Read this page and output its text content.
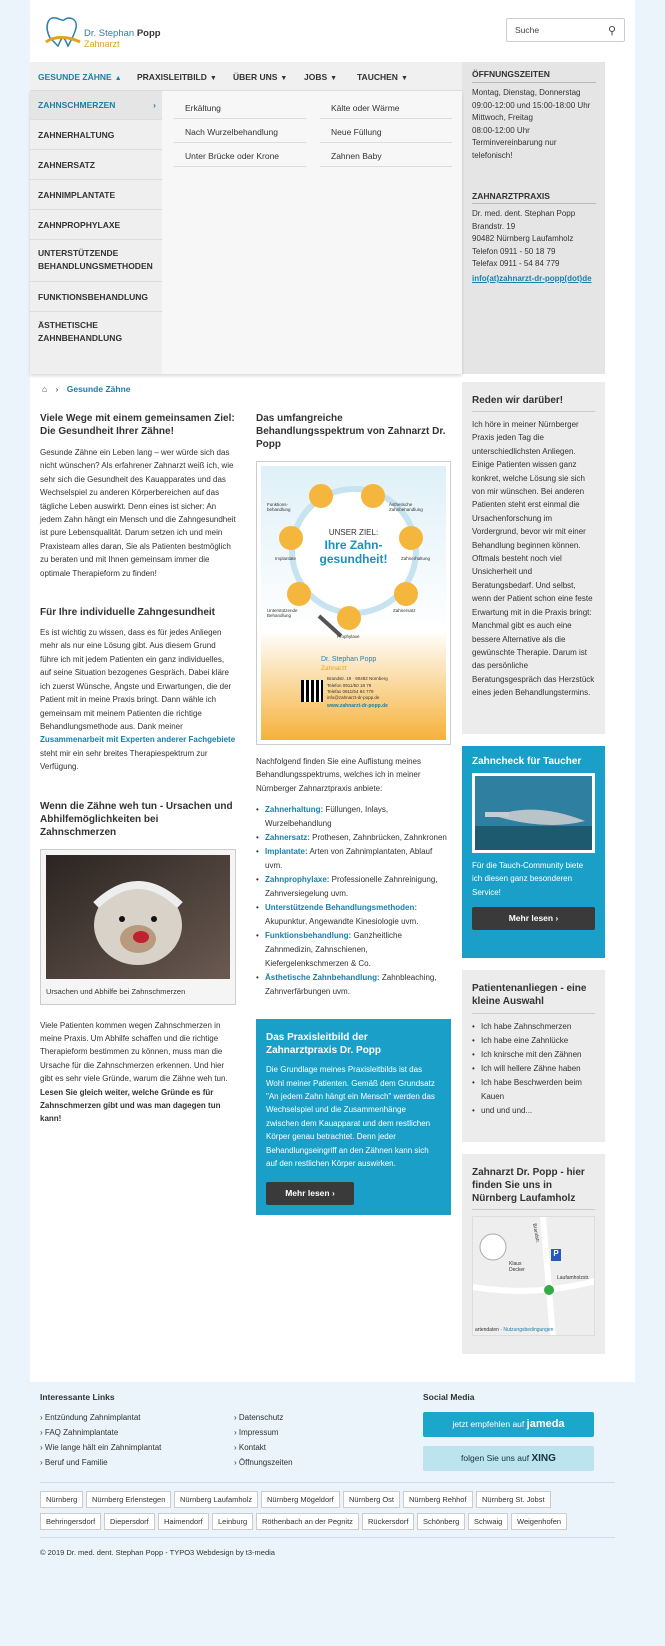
Dr. Stephan Popp
Zahnarzt
Suche	⚲
GESUNDE ZÄHNE ▲ PRAXISLEITBILD ▼ ÜBER UNS ▼ JOBS ▼ TAUCHEN ▼	ÖFFNUNGSZEITEN
Montag, Dienstag, Donnerstag
09:00-12:00 und 15:00-18:00 Uhr
Mittwoch, Freitag
08:00-12:00 Uhr
Terminvereinbarung nur
telefonisch!
ZAHNARZTPRAXIS
Dr. med. dent. Stephan Popp
Brandstr. 19
90482 Nürnberg Laufamholz
Telefon 0911 - 50 18 79
Telefax 0911 - 54 84 779
info(at)zahnarzt-dr-popp(dot)de
ZAHNSCHMERZEN	›
ZAHNERHALTUNG
ZAHNERSATZ
ZAHNIMPLANTATE
ZAHNPROPHYLAXE
UNTERSTÜTZENDE BEHANDLUNGSMETHODEN
FUNKTIONSBEHANDLUNG
ÄSTHETISCHE ZAHNBEHANDLUNG
Erkältung
Nach Wurzelbehandlung
Unter Brücke oder Krone
Kälte oder Wärme
Neue Füllung
Zahnen Baby
⌂ › Gesunde Zähne
Viele Wege mit einem gemeinsamen Ziel: Die Gesundheit Ihrer Zähne!
Gesunde Zähne ein Leben lang – wer würde sich das nicht wünschen? Als erfahrener Zahnarzt weiß ich, wie sehr sich die Gesundheit des Kauapparates und das Wechselspiel zu anderen Körperbereichen auf das tägliche Leben auswirkt. Denn eines ist sicher: An jedem Zahn hängt ein Mensch und die Zahngesundheit ist pure Lebensqualität. Darum setzen ich und mein Praxisteam alles daran, Sie als Patienten bestmöglich zu beraten und mit Ihnen gemeinsam immer die optimale Therapieform zu finden!
Für Ihre individuelle Zahngesundheit
Es ist wichtig zu wissen, dass es für jedes Anliegen mehr als nur eine Lösung gibt. Aus diesem Grund führe ich mit jedem Patienten ein ganz individuelles, auf seine Situation bezogenes Gespräch. Dabei kläre ich zuerst Wünsche, Ängste und Erwartungen, die der Patient mit in meine Praxis bringt. Dann wähle ich gemeinsam mit meinem Patienten die richtige Behandlungsmethode aus. Dank meiner Zusammenarbeit mit Experten anderer Fachgebiete steht mir ein sehr breites Therapiespektrum zur Verfügung.
Wenn die Zähne weh tun - Ursachen und Abhilfemöglichkeiten bei Zahnschmerzen
Ursachen und Abhilfe bei Zahnschmerzen
Viele Patienten kommen wegen Zahnschmerzen in meine Praxis. Um Abhilfe schaffen und die richtige Therapieform bestimmen zu können, muss man die Ursache für die Zahnschmerzen erkennen. Und hier gibt es sehr viele Gründe, warum die Zähne weh tun.
Lesen Sie gleich weiter, welche Gründe es für Zahnschmerzen gibt und was man dagegen tun kann!
Das umfangreiche Behandlungsspektrum von Zahnarzt Dr. Popp
Funktions-behandlung
Ästhetische Zahnbehandlung
Implantate	Zahnerhaltung
Unterstützende Behandlung
Zahnersatz
Prophylaxe
UNSER ZIEL:
Ihre Zahn-
gesundheit!
Dr. Stephan Popp
Zahnarzt
Brandstr. 19 · 90482 Nürnberg
Telefon 0911/50 18 79
Telefax 0911/54 84 779
info@zahnarzt-dr-popp.de
www.zahnarzt-dr-popp.de
Nachfolgend finden Sie eine Auflistung meines Behandlungsspektrums, welches ich in meiner Nürnberger Zahnarztpraxis anbiete:
• Zahnerhaltung: Füllungen, Inlays, Wurzelbehandlung
• Zahnersatz: Prothesen, Zahnbrücken, Zahnkronen
• Implantate: Arten von Zahnimplantaten, Ablauf uvm.
• Zahnprophylaxe: Professionelle Zahnreinigung, Zahnversiegelung uvm.
• Unterstützende Behandlungsmethoden: Akupunktur, Angewandte Kinesiologie uvm.
• Funktionsbehandlung: Ganzheitliche Zahnmedizin, Zahnschienen, Kiefergelenkschmerzen & Co.
• Ästhetische Zahnbehandlung: Zahnbleaching, Zahnverfärbungen uvm.
Das Praxisleitbild der Zahnarztpraxis Dr. Popp
Die Grundlage meines Praxisleitbilds ist das Wohl meiner Patienten. Gemäß dem Grundsatz "An jedem Zahn hängt ein Mensch" werden das Wechselspiel und die Zusammenhänge zwischen dem Kauapparat und dem restlichen Körper genau betrachtet. Denn jeder Behandlungseingriff an den Zähnen kann sich auf den restlichen Körper auswirken.
Mehr lesen ›
Reden wir darüber!
Ich höre in meiner Nürnberger Praxis jeden Tag die unterschiedlichsten Anliegen. Einige Patienten wissen ganz konkret, welche Lösung sie sich von mir wünschen. Bei anderen Patienten steht erst einmal die Ursachenforschung im Vordergrund, bevor wir mit einer Behandlung beginnen können. Oftmals besteht noch viel Unsicherheit und Beratungsbedarf. Und selbst, wenn der Patient schon eine feste Erwartung mit in die Praxis bringt: Manchmal gibt es auch eine bessere Alternative als die gewünschte Therapie. Darum ist das persönliche Beratungsgespräch das Herzstück eines jeden Behandlungstermins.
Zahncheck für Taucher
Für die Tauch-Community biete ich diesen ganz besonderen Service!
Mehr lesen ›
Patientenanliegen - eine kleine Auswahl
• Ich habe Zahnschmerzen
• Ich habe eine Zahnlücke
• Ich knirsche mit den Zähnen
• Ich will hellere Zähne haben
• Ich habe Beschwerden beim Kauen
• und und und...
Zahnarzt Dr. Popp - hier finden Sie uns in Nürnberg Laufamholz
P
Brandstr.
Laufamholzstr.
Klaus Decker
artendaten · Nutzungsbedingungen
Interessante Links
› Entzündung Zahnimplantat
› FAQ Zahnimplantate
› Wie lange hält ein Zahnimplantat
› Beruf und Familie
› Datenschutz
› Impressum
› Kontakt
› Öffnungszeiten
Social Media
jetzt empfehlen auf jameda
folgen Sie uns auf XING
Nürnberg	Nürnberg Erlenstegen	Nürnberg Laufamholz	Nürnberg Mögeldorf	Nürnberg Ost	Nürnberg Rehhof	Nürnberg St. Jobst
Behringersdorf	Diepersdorf	Haimendorf	Leinburg	Röthenbach an der Pegnitz	Rückersdorf	Schönberg	Schwaig	Weigenhofen
© 2019 Dr. med. dent. Stephan Popp - TYPO3 Webdesign by t3-media
